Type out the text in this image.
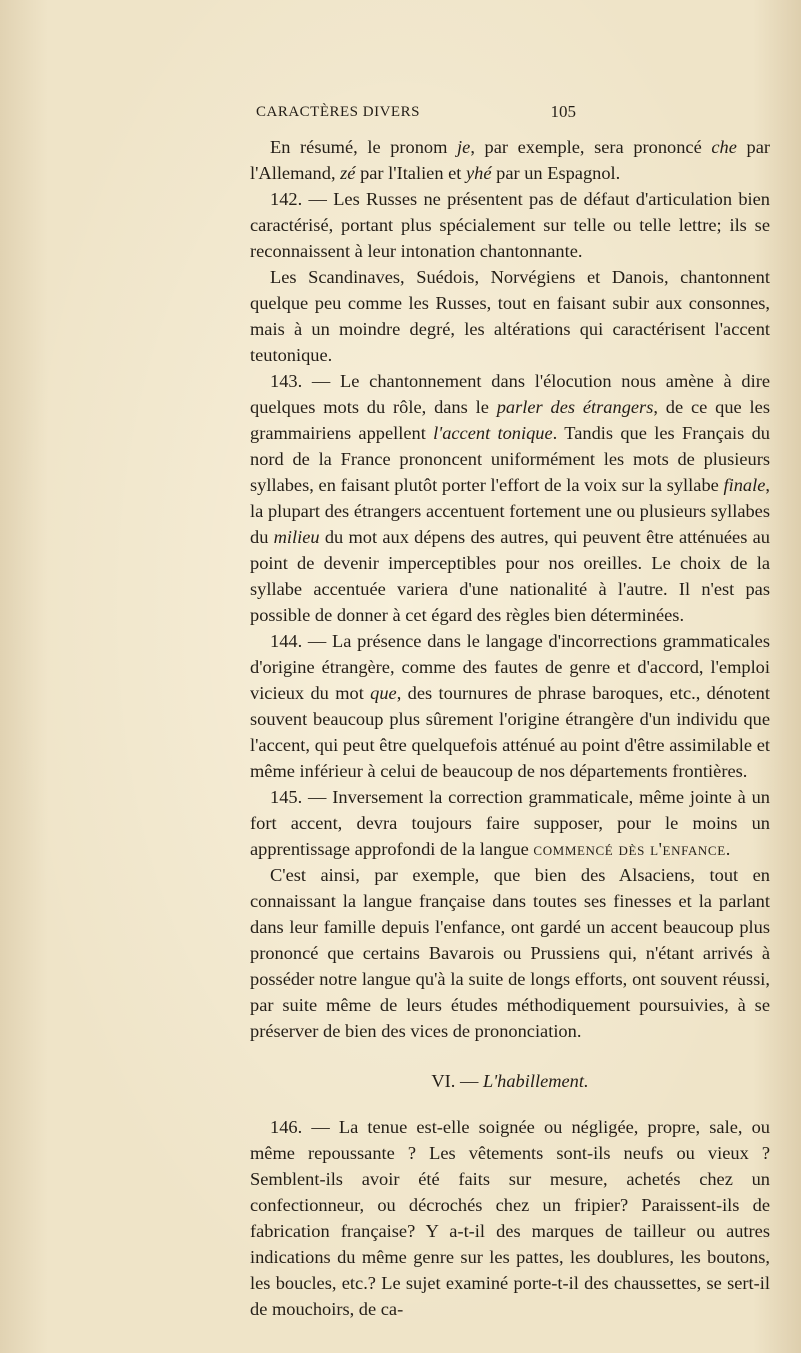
CARACTÈRES DIVERS	105

En résumé, le pronom je, par exemple, sera prononcé che par l'Allemand, zé par l'Italien et yhé par un Espagnol.

142. — Les Russes ne présentent pas de défaut d'articulation bien caractérisé, portant plus spécialement sur telle ou telle lettre; ils se reconnaissent à leur intonation chantonnante.

Les Scandinaves, Suédois, Norvégiens et Danois, chantonnent quelque peu comme les Russes, tout en faisant subir aux consonnes, mais à un moindre degré, les altérations qui caractérisent l'accent teutonique.

143. — Le chantonnement dans l'élocution nous amène à dire quelques mots du rôle, dans le parler des étrangers, de ce que les grammairiens appellent l'accent tonique. Tandis que les Français du nord de la France prononcent uniformément les mots de plusieurs syllabes, en faisant plutôt porter l'effort de la voix sur la syllabe finale, la plupart des étrangers accentuent fortement une ou plusieurs syllabes du milieu du mot aux dépens des autres, qui peuvent être atténuées au point de devenir imperceptibles pour nos oreilles. Le choix de la syllabe accentuée variera d'une nationalité à l'autre. Il n'est pas possible de donner à cet égard des règles bien déterminées.

144. — La présence dans le langage d'incorrections grammaticales d'origine étrangère, comme des fautes de genre et d'accord, l'emploi vicieux du mot que, des tournures de phrase baroques, etc., dénotent souvent beaucoup plus sûrement l'origine étrangère d'un individu que l'accent, qui peut être quelquefois atténué au point d'être assimilable et même inférieur à celui de beaucoup de nos départements frontières.

145. — Inversement la correction grammaticale, même jointe à un fort accent, devra toujours faire supposer, pour le moins un apprentissage approfondi de la langue commencé dès l'enfance.

C'est ainsi, par exemple, que bien des Alsaciens, tout en connaissant la langue française dans toutes ses finesses et la parlant dans leur famille depuis l'enfance, ont gardé un accent beaucoup plus prononcé que certains Bavarois ou Prussiens qui, n'étant arrivés à posséder notre langue qu'à la suite de longs efforts, ont souvent réussi, par suite même de leurs études méthodiquement poursuivies, à se préserver de bien des vices de prononciation.

VI. — L'habillement.

146. — La tenue est-elle soignée ou négligée, propre, sale, ou même repoussante ? Les vêtements sont-ils neufs ou vieux ? Semblent-ils avoir été faits sur mesure, achetés chez un confectionneur, ou décrochés chez un fripier? Paraissent-ils de fabrication française? Y a-t-il des marques de tailleur ou autres indications du même genre sur les pattes, les doublures, les boutons, les boucles, etc.? Le sujet examiné porte-t-il des chaussettes, se sert-il de mouchoirs, de ca-
